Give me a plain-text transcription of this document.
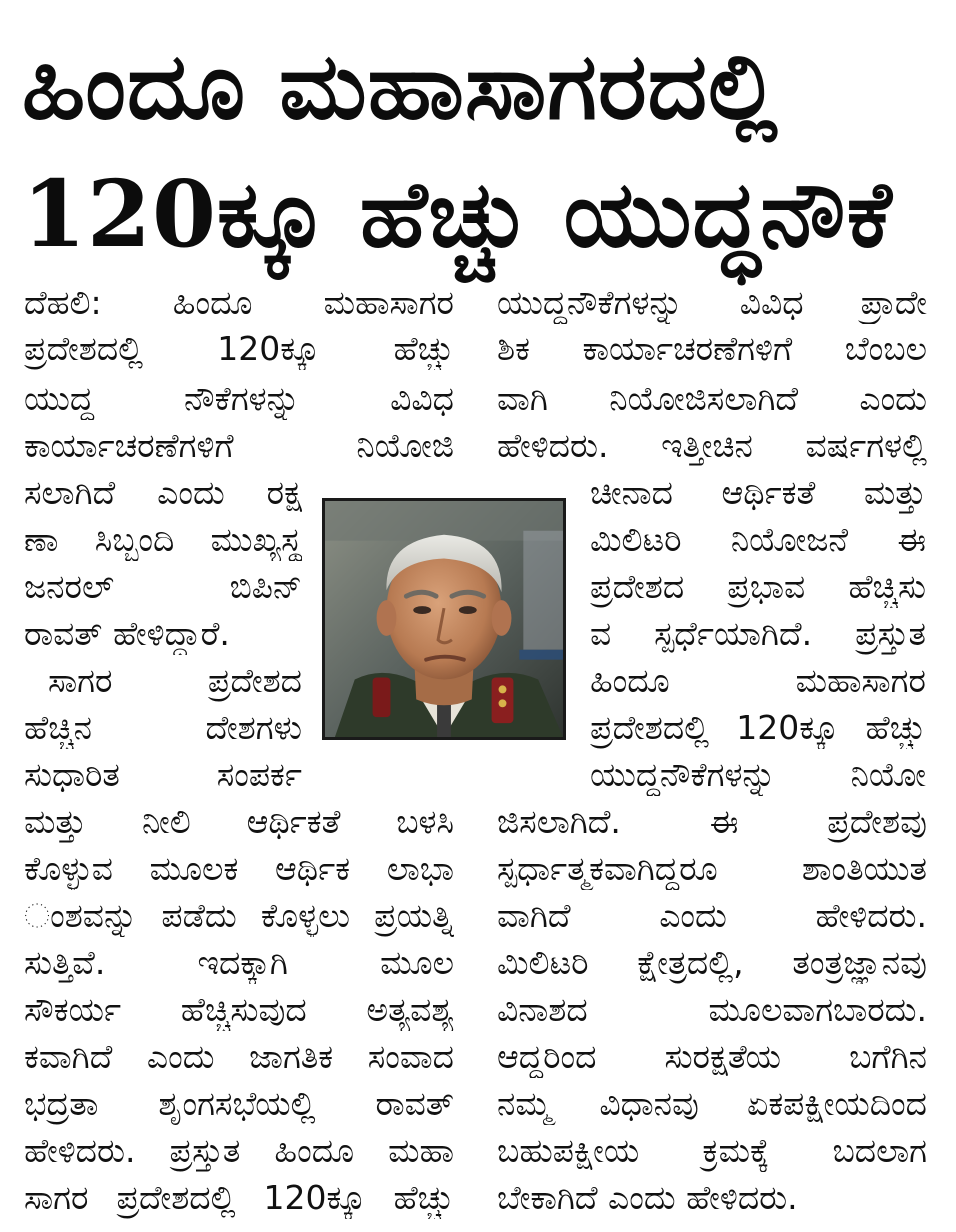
ಹಿಂದೂ ಮಹಾಸಾಗರದಲ್ಲಿ
120ಕ್ಕೂ ಹೆಚ್ಚು ಯುದ್ಧನೌಕೆ
ದೆಹಲಿ: ಹಿಂದೂ ಮಹಾಸಾಗರ
ಪ್ರದೇಶದಲ್ಲಿ 120ಕ್ಕೂ ಹೆಚ್ಚು
ಯುದ್ಧ ನೌಕೆಗಳನ್ನು ವಿವಿಧ
ಕಾರ್ಯಾಚರಣೆಗಳಿಗೆ ನಿಯೋಜಿ
ಸಲಾಗಿದೆ ಎಂದು ರಕ್ಷ
ಣಾ ಸಿಬ್ಬಂದಿ ಮುಖ್ಯಸ್ಥ
ಜನರಲ್ ಬಿಪಿನ್
ರಾವತ್ ಹೇಳಿದ್ದಾರೆ.
ಸಾಗರ ಪ್ರದೇಶದ
ಹೆಚ್ಚಿನ ದೇಶಗಳು
ಸುಧಾರಿತ ಸಂಪರ್ಕ
ಮತ್ತು ನೀಲಿ ಆರ್ಥಿಕತೆ ಬಳಸಿ
ಕೊಳ್ಳುವ ಮೂಲಕ ಆರ್ಥಿಕ ಲಾಭಾ
ಂಶವನ್ನು ಪಡೆದು ಕೊಳ್ಳಲು ಪ್ರಯತ್ನಿ
ಸುತ್ತಿವೆ. ಇದಕ್ಕಾಗಿ ಮೂಲ
ಸೌಕರ್ಯ ಹೆಚ್ಚಿಸುವುದ ಅತ್ಯವಶ್ಯ
ಕವಾಗಿದೆ ಎಂದು ಜಾಗತಿಕ ಸಂವಾದ
ಭದ್ರತಾ ಶೃಂಗಸಭೆಯಲ್ಲಿ ರಾವತ್
ಹೇಳಿದರು. ಪ್ರಸ್ತುತ ಹಿಂದೂ ಮಹಾ
ಸಾಗರ ಪ್ರದೇಶದಲ್ಲಿ 120ಕ್ಕೂ ಹೆಚ್ಚು
ಯುದ್ಧನೌಕೆಗಳನ್ನು ವಿವಿಧ ಪ್ರಾದೇ
ಶಿಕ ಕಾರ್ಯಾಚರಣೆಗಳಿಗೆ ಬೆಂಬಲ
ವಾಗಿ ನಿಯೋಜಿಸಲಾಗಿದೆ ಎಂದು
ಹೇಳಿದರು. ಇತ್ತೀಚಿನ ವರ್ಷಗಳಲ್ಲಿ
ಚೀನಾದ ಆರ್ಥಿಕತೆ ಮತ್ತು
ಮಿಲಿಟರಿ ನಿಯೋಜನೆ ಈ
ಪ್ರದೇಶದ ಪ್ರಭಾವ ಹೆಚ್ಚಿಸು
ವ ಸ್ಪರ್ಧೆಯಾಗಿದೆ. ಪ್ರಸ್ತುತ
ಹಿಂದೂ ಮಹಾಸಾಗರ
ಪ್ರದೇಶದಲ್ಲಿ 120ಕ್ಕೂ ಹೆಚ್ಚು
ಯುದ್ಧನೌಕೆಗಳನ್ನು ನಿಯೋ
ಜಿಸಲಾಗಿದೆ. ಈ ಪ್ರದೇಶವು
ಸ್ಪರ್ಧಾತ್ಮಕವಾಗಿದ್ದರೂ ಶಾಂತಿಯುತ
ವಾಗಿದೆ ಎಂದು ಹೇಳಿದರು.
ಮಿಲಿಟರಿ ಕ್ಷೇತ್ರದಲ್ಲಿ, ತಂತ್ರಜ್ಞಾನವು
ವಿನಾಶದ ಮೂಲವಾಗಬಾರದು.
ಆದ್ದರಿಂದ ಸುರಕ್ಷತೆಯ ಬಗೆಗಿನ
ನಮ್ಮ ವಿಧಾನವು ಏಕಪಕ್ಷೀಯದಿಂದ
ಬಹುಪಕ್ಷೀಯ ಕ್ರಮಕ್ಕೆ ಬದಲಾಗ
ಬೇಕಾಗಿದೆ ಎಂದು ಹೇಳಿದರು.
